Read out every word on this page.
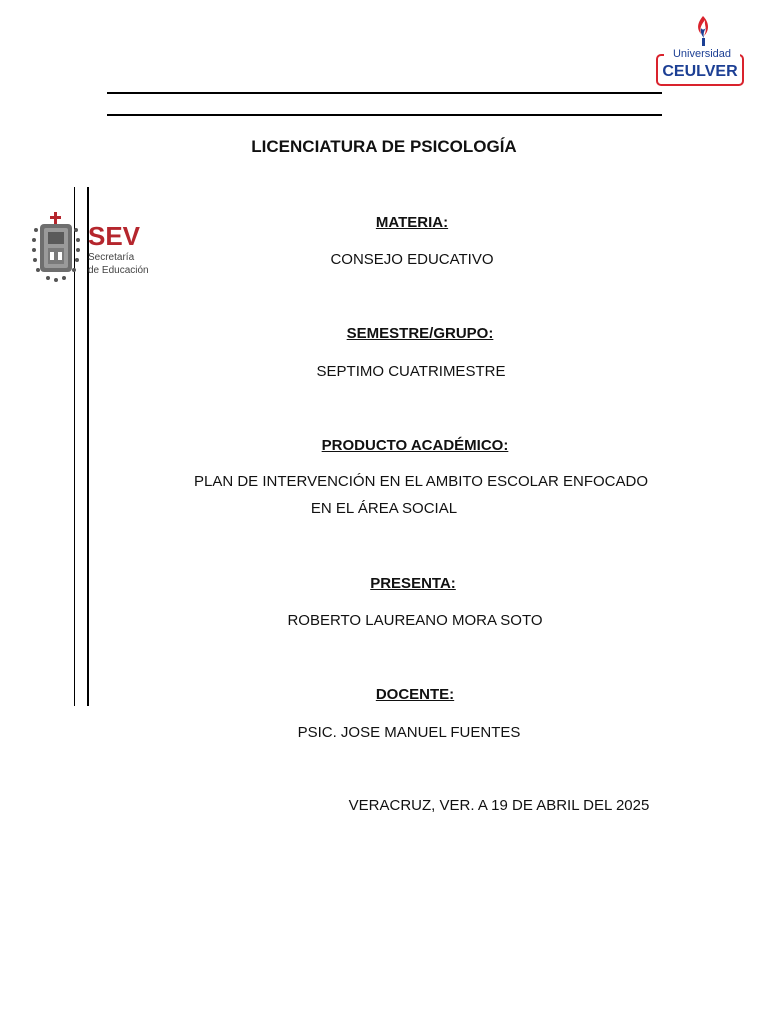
Universidad
CEULVER
LICENCIATURA DE PSICOLOGÍA
SEV
Secretaría
de Educación
MATERIA:
CONSEJO EDUCATIVO
SEMESTRE/GRUPO:
SEPTIMO CUATRIMESTRE
PRODUCTO ACADÉMICO:
PLAN DE INTERVENCIÓN EN EL AMBITO ESCOLAR ENFOCADO
EN EL ÁREA SOCIAL
PRESENTA:
ROBERTO LAUREANO MORA SOTO
DOCENTE:
PSIC. JOSE MANUEL FUENTES
VERACRUZ, VER. A 19 DE ABRIL DEL 2025
